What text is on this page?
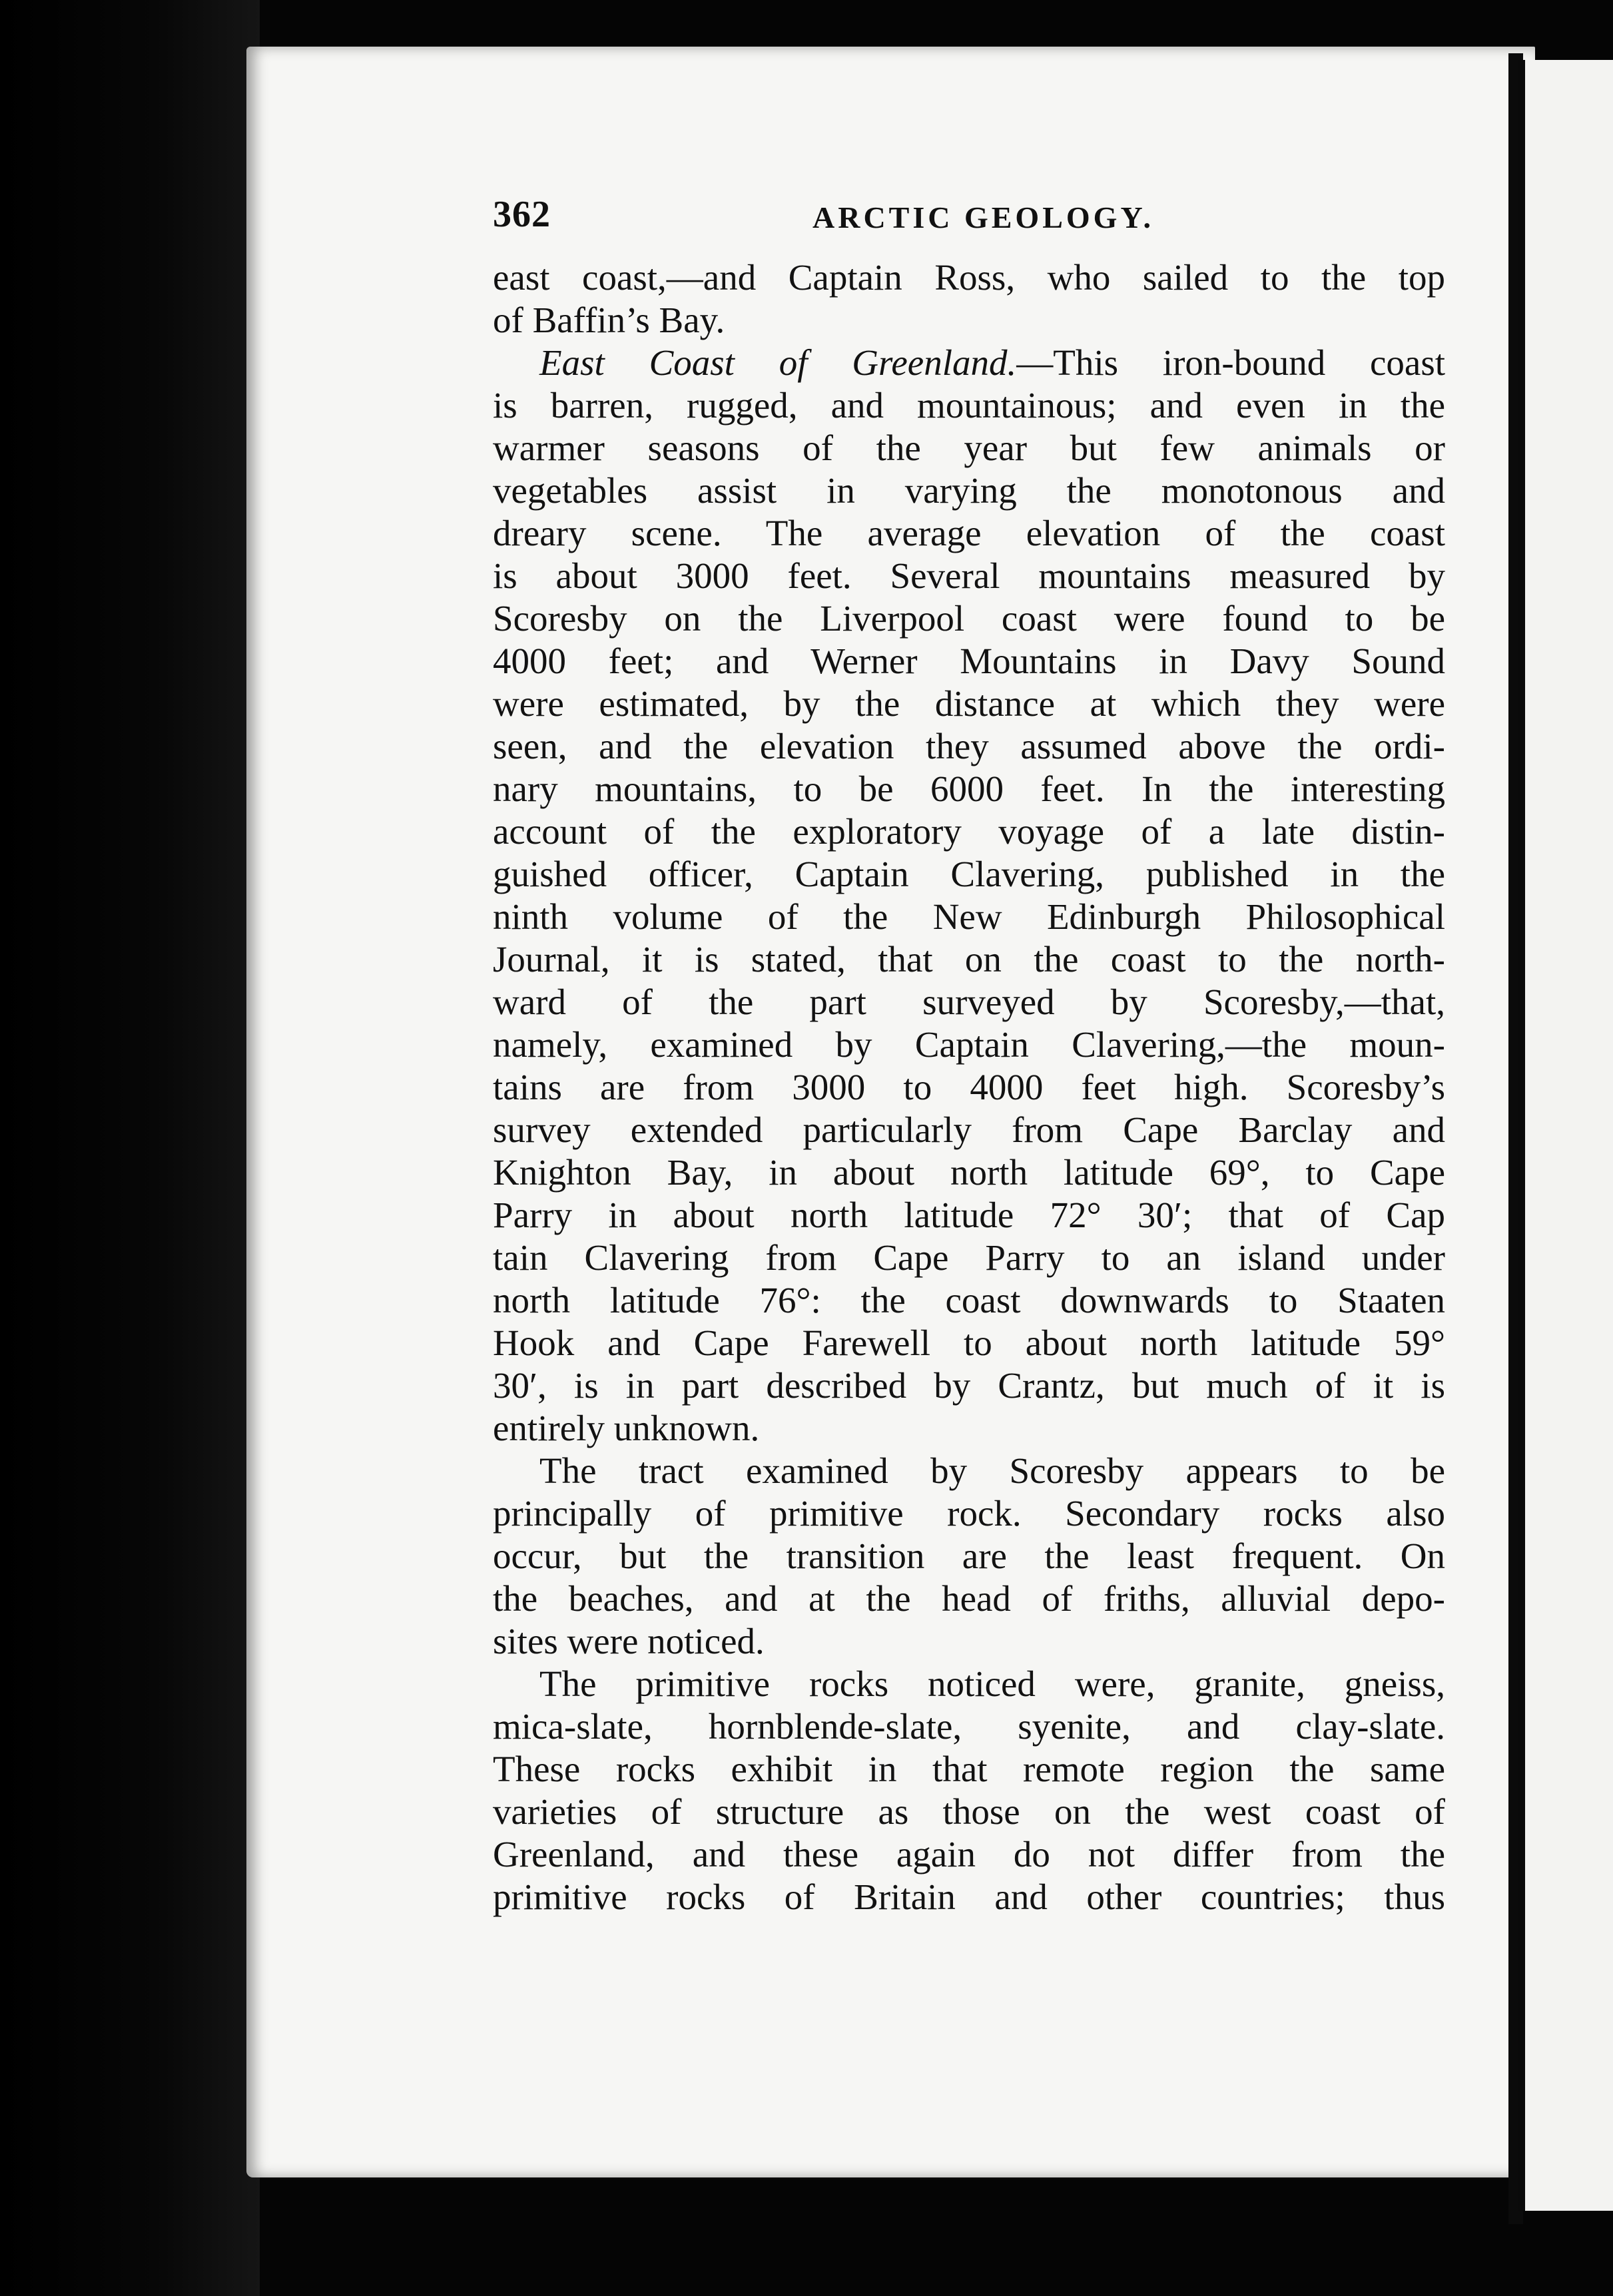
362	ARCTIC GEOLOGY.
east coast,—and Captain Ross, who sailed to the top
of Baffin’s Bay.
East Coast of Greenland.—This iron-bound coast
is barren, rugged, and mountainous; and even in the
warmer seasons of the year but few animals or
vegetables assist in varying the monotonous and
dreary scene. The average elevation of the coast
is about 3000 feet. Several mountains measured by
Scoresby on the Liverpool coast were found to be
4000 feet; and Werner Mountains in Davy Sound
were estimated, by the distance at which they were
seen, and the elevation they assumed above the ordi-
nary mountains, to be 6000 feet. In the interesting
account of the exploratory voyage of a late distin-
guished officer, Captain Clavering, published in the
ninth volume of the New Edinburgh Philosophical
Journal, it is stated, that on the coast to the north-
ward of the part surveyed by Scoresby,—that,
namely, examined by Captain Clavering,—the moun-
tains are from 3000 to 4000 feet high. Scoresby’s
survey extended particularly from Cape Barclay and
Knighton Bay, in about north latitude 69°, to Cape
Parry in about north latitude 72° 30′; that of Cap
tain Clavering from Cape Parry to an island under
north latitude 76°: the coast downwards to Staaten
Hook and Cape Farewell to about north latitude 59°
30′, is in part described by Crantz, but much of it is
entirely unknown.
The tract examined by Scoresby appears to be
principally of primitive rock. Secondary rocks also
occur, but the transition are the least frequent. On
the beaches, and at the head of friths, alluvial depo-
sites were noticed.
The primitive rocks noticed were, granite, gneiss,
mica-slate, hornblende-slate, syenite, and clay-slate.
These rocks exhibit in that remote region the same
varieties of structure as those on the west coast of
Greenland, and these again do not differ from the
primitive rocks of Britain and other countries; thus
